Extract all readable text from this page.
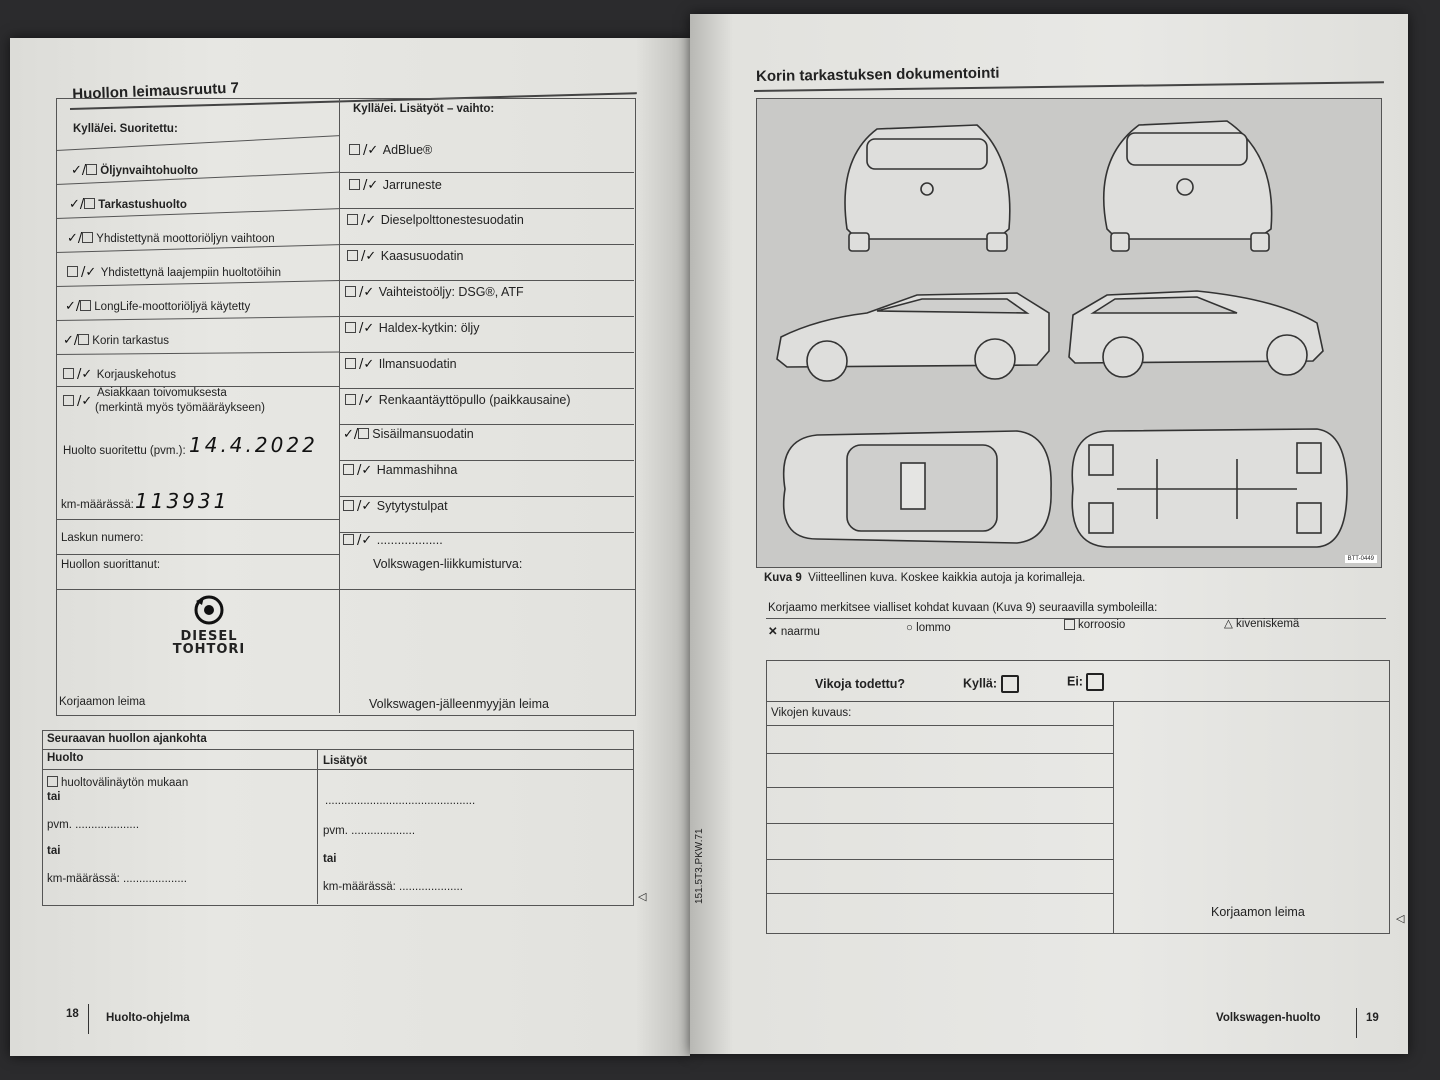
Huollon leimausruutu 7
Kyllä/ei. Suoritettu:
Kyllä/ei. Lisätyöt – vaihto:
✓/ Öljynvaihtohuolto
✓/ Tarkastushuolto
✓/ Yhdistettynä moottoriöljyn vaihtoon
/✓ Yhdistettynä laajempiin huoltotöihin
✓/ LongLife-moottoriöljyä käytetty
✓/ Korin tarkastus
/✓ Korjauskehotus
/✓
Asiakkaan toivomuksesta
(merkintä myös työmääräykseen)
Huolto suoritettu (pvm.): 14.4.2022
km-määrässä: 113931
Laskun numero:
Huollon suorittanut:
DIESEL TOHTORI
Korjaamon leima
Volkswagen-liikkumisturva:
Volkswagen-jälleenmyyjän leima
/✓ AdBlue®
/✓ Jarruneste
/✓ Dieselpolttonestesuodatin
/✓ Kaasusuodatin
/✓ Vaihteistoöljy: DSG®, ATF
/✓ Haldex-kytkin: öljy
/✓ Ilmansuodatin
/✓ Renkaantäyttöpullo (paikkausaine)
✓/ Sisäilmansuodatin
/✓ Hammashihna
/✓ Sytytystulpat
/✓ ...................
Seuraavan huollon ajankohta
Huolto	Lisätyöt
huoltovälinäytön mukaan
tai
pvm. ....................
tai
km-määrässä: ....................
...............................................
pvm. ....................
tai
km-määrässä: ....................
◁
18 Huolto-ohjelma
Korin tarkastuksen dokumentointi
BTT-0449
Kuva 9 Viitteellinen kuva. Koskee kaikkia autoja ja korimalleja.
Korjaamo merkitsee vialliset kohdat kuvaan (Kuva 9) seuraavilla symboleilla:
✕ naarmu	○ lommo	korroosio	△ kiveniskemä
Vikoja todettu?	Kyllä:	Ei:
Vikojen kuvaus:
Korjaamon leima	◁
151.5T3.PKW.71
Volkswagen-huolto	19
